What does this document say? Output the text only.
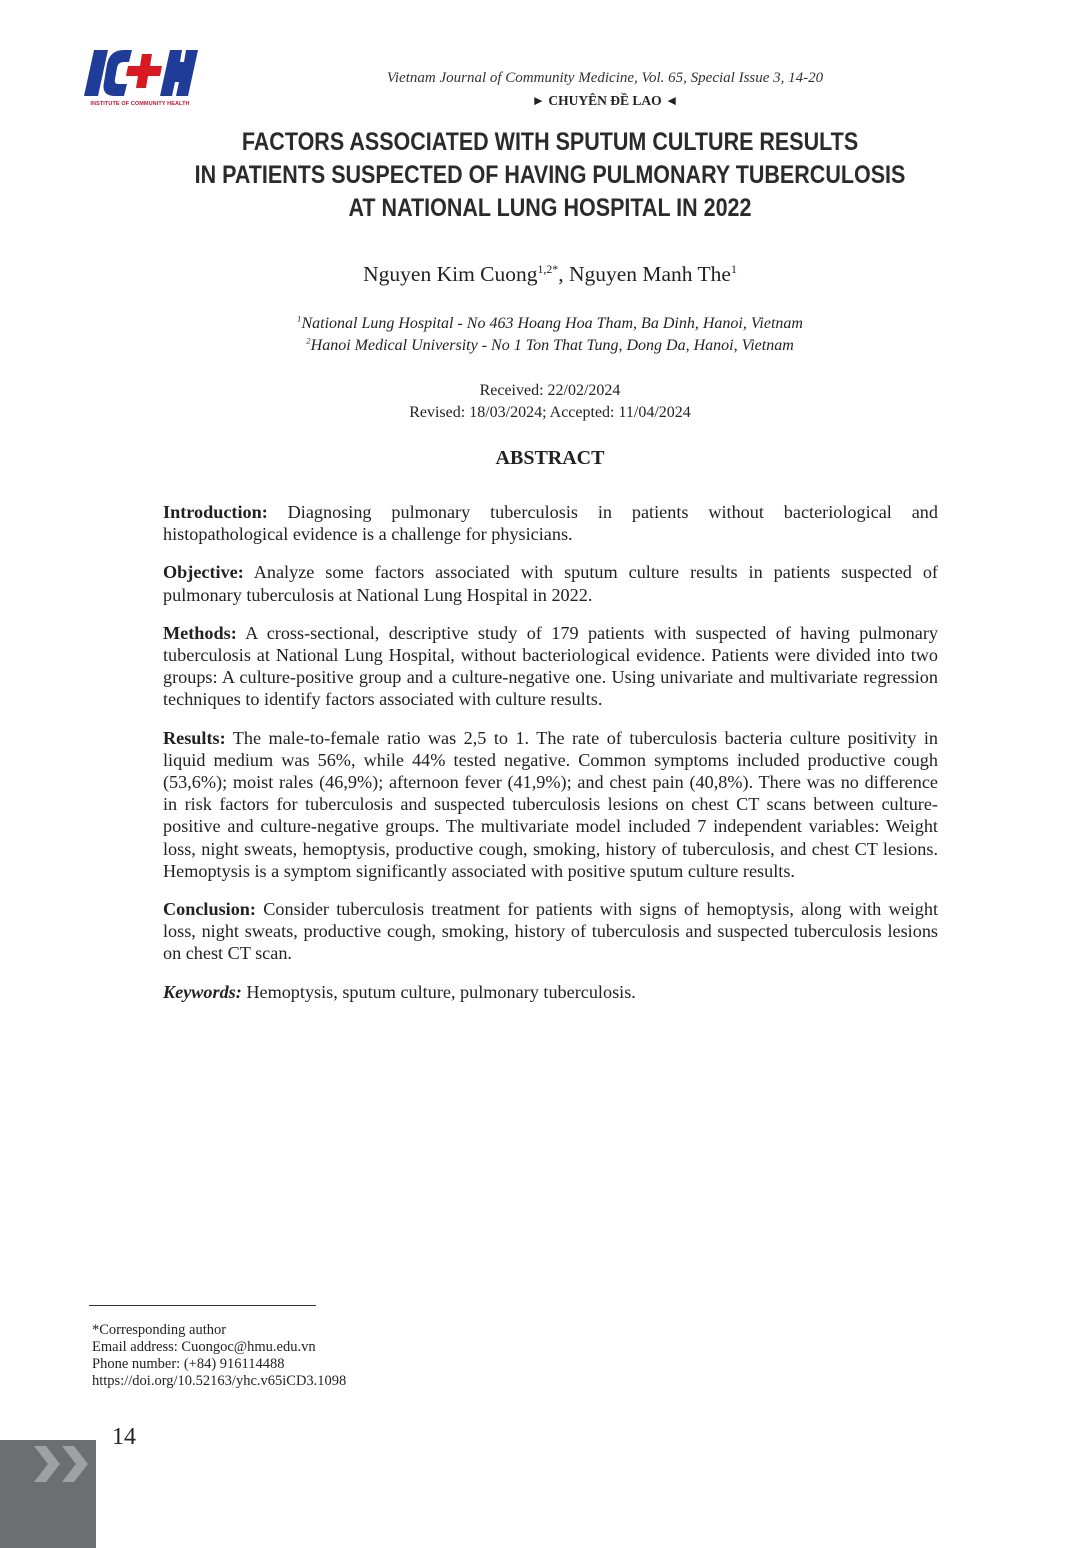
INSTITUTE OF COMMUNITY HEALTH
Vietnam Journal of Community Medicine, Vol. 65, Special Issue 3, 14-20
► CHUYÊN ĐỀ LAO ◄
FACTORS ASSOCIATED WITH SPUTUM CULTURE RESULTS
IN PATIENTS SUSPECTED OF HAVING PULMONARY TUBERCULOSIS
AT NATIONAL LUNG HOSPITAL IN 2022
Nguyen Kim Cuong$^{1,2*}$, Nguyen Manh The$^1$
$^1$National Lung Hospital - No 463 Hoang Hoa Tham, Ba Dinh, Hanoi, Vietnam
$^2$Hanoi Medical University - No 1 Ton That Tung, Dong Da, Hanoi, Vietnam
Received: 22/02/2024
Revised: 18/03/2024; Accepted: 11/04/2024
ABSTRACT

Introduction: Diagnosing pulmonary tuberculosis in patients without bacteriological and histopathological evidence is a challenge for physicians.

Objective: Analyze some factors associated with sputum culture results in patients suspected of pulmonary tuberculosis at National Lung Hospital in 2022.

Methods: A cross-sectional, descriptive study of 179 patients with suspected of having pulmonary tuberculosis at National Lung Hospital, without bacteriological evidence. Patients were divided into two groups: A culture-positive group and a culture-negative one. Using univariate and multivariate regression techniques to identify factors associated with culture results.

Results: The male-to-female ratio was 2,5 to 1. The rate of tuberculosis bacteria culture positivity in liquid medium was 56%, while 44% tested negative. Common symptoms included productive cough (53,6%); moist rales (46,9%); afternoon fever (41,9%); and chest pain (40,8%). There was no difference in risk factors for tuberculosis and suspected tuberculosis lesions on chest CT scans between culture-positive and culture-negative groups. The multivariate model included 7 independent variables: Weight loss, night sweats, hemoptysis, productive cough, smoking, history of tuberculosis, and chest CT lesions. Hemoptysis is a symptom significantly associated with positive sputum culture results.

Conclusion: Consider tuberculosis treatment for patients with signs of hemoptysis, along with weight loss, night sweats, productive cough, smoking, history of tuberculosis and suspected tuberculosis lesions on chest CT scan.

Keywords: Hemoptysis, sputum culture, pulmonary tuberculosis.

*Corresponding author
Email address: Cuongoc@hmu.edu.vn
Phone number: (+84) 916114488
https://doi.org/10.52163/yhc.v65iCD3.1098
14
